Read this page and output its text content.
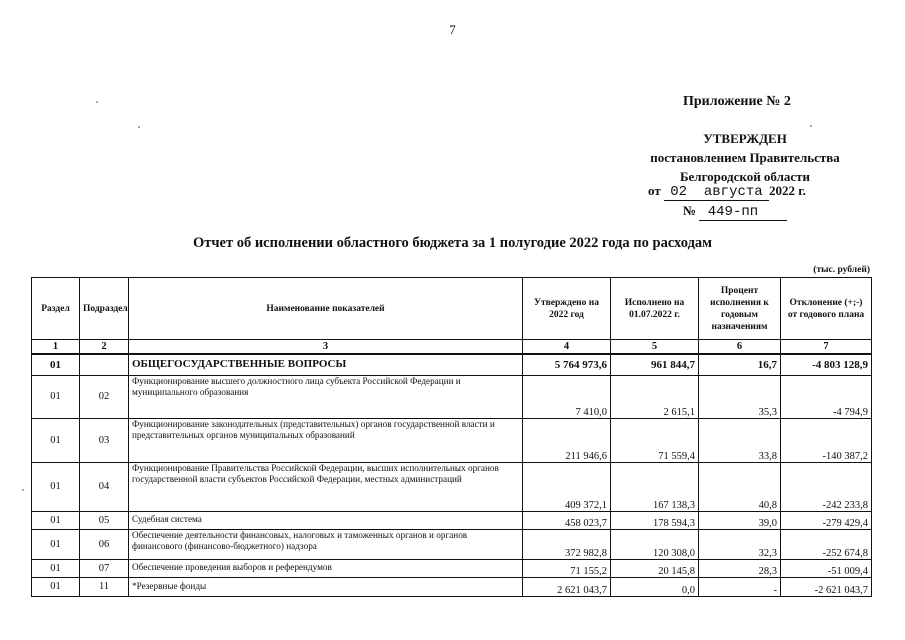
7
Приложение № 2
УТВЕРЖДЕН
постановлением Правительства
Белгородской области
от 02 августа 2022 г.
№ 449-пп
Отчет об исполнении областного бюджета за 1 полугодие 2022 года по расходам
(тыс. рублей)
Раздел	Подраздел	Наименование показателей	Утверждено на 2022 год	Исполнено на 01.07.2022 г.	Процент исполнения к годовым назначениям	Отклонение (+;-) от годового плана
1	2	3	4	5	6	7
01		ОБЩЕГОСУДАРСТВЕННЫЕ ВОПРОСЫ	5 764 973,6	961 844,7	16,7	-4 803 128,9
01	02	Функционирование высшего должностного лица субъекта Российской Федерации и муниципального образования	7 410,0	2 615,1	35,3	-4 794,9
01	03	Функционирование законодательных (представительных) органов государственной власти и представительных органов муниципальных образований	211 946,6	71 559,4	33,8	-140 387,2
01	04	Функционирование Правительства Российской Федерации, высших исполнительных органов государственной власти субъектов Российской Федерации, местных администраций	409 372,1	167 138,3	40,8	-242 233,8
01	05	Судебная система	458 023,7	178 594,3	39,0	-279 429,4
01	06	Обеспечение деятельности финансовых, налоговых и таможенных органов и органов финансового (финансово-бюджетного) надзора	372 982,8	120 308,0	32,3	-252 674,8
01	07	Обеспечение проведения выборов и референдумов	71 155,2	20 145,8	28,3	-51 009,4
01	11	*Резервные фонды	2 621 043,7	0,0	-	-2 621 043,7
